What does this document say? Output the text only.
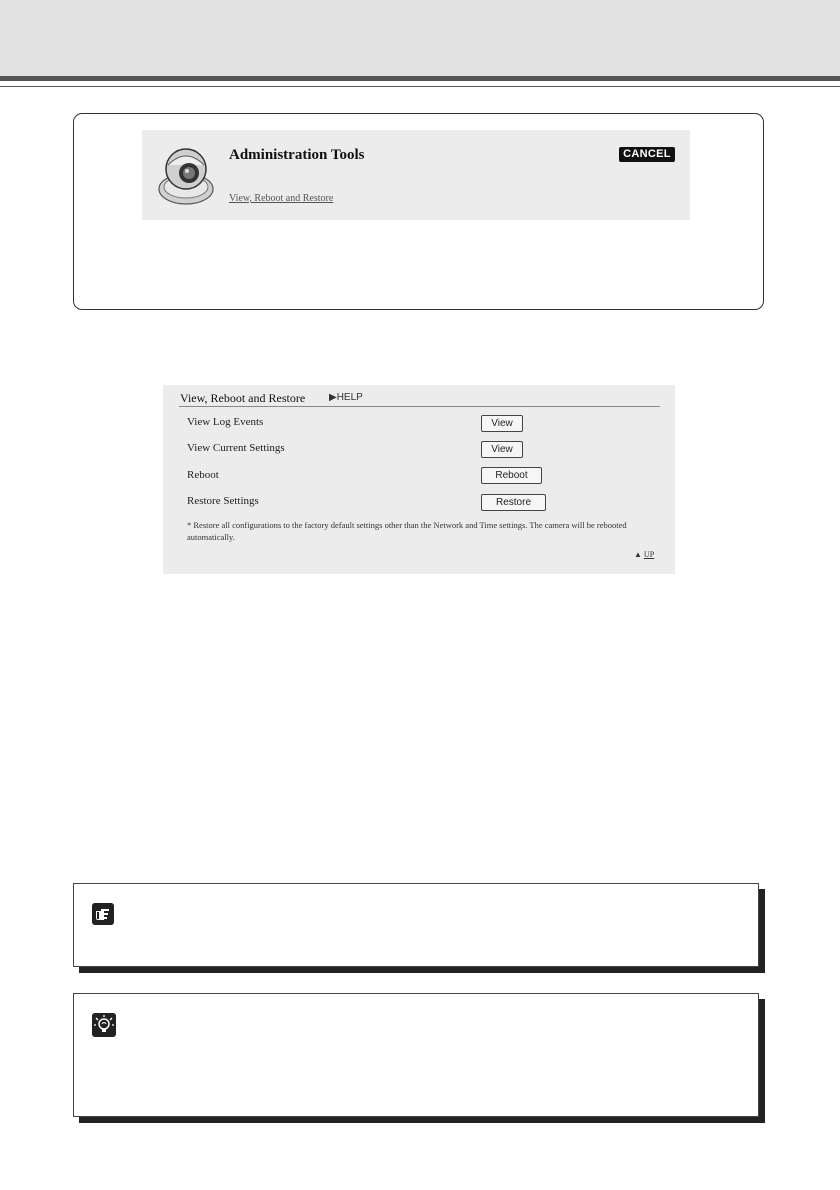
Administration Tools
View, Reboot and Restore
CANCEL
View, Reboot and Restore ▶HELP
View Log Events	View
View Current Settings	View
Reboot	Reboot
Restore Settings	Restore
* Restore all configurations to the factory default settings other than the Network and Time settings. The camera will be rebooted automatically.
▲ UP
